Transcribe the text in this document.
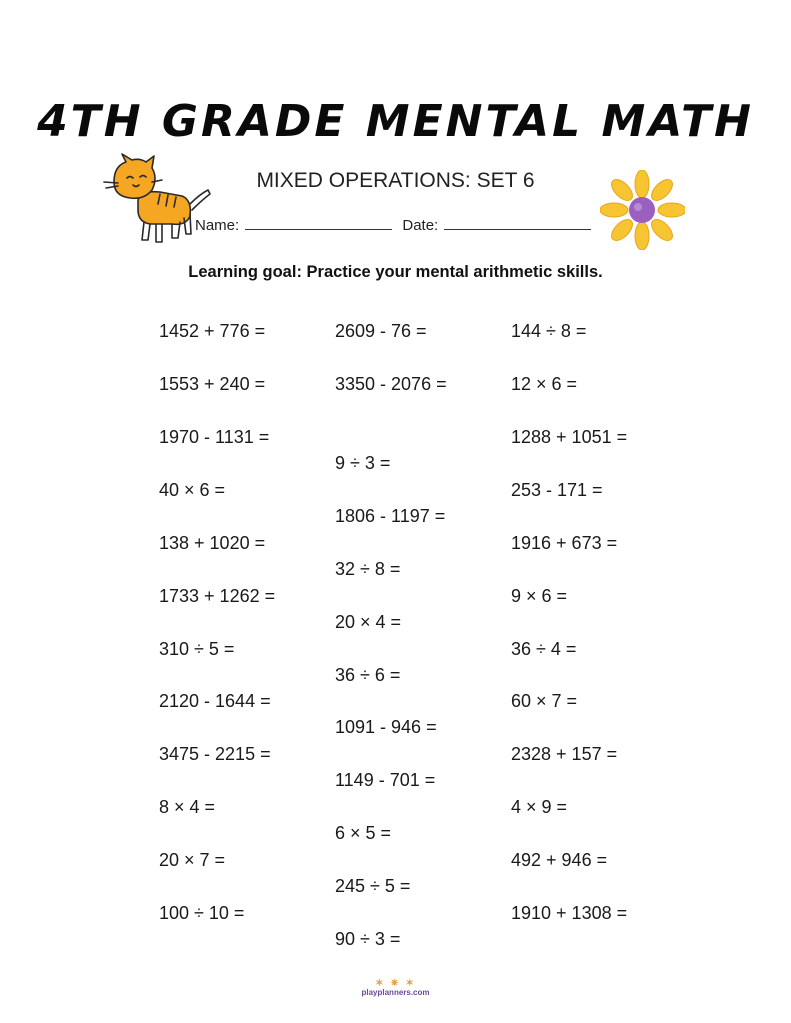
4TH GRADE MENTAL MATH
MIXED OPERATIONS: SET 6
Name:	Date:
Learning goal: Practice your mental arithmetic skills.
1452 + 776 =
1553 + 240 =
1970 - 1131 =
40 × 6 =
138 + 1020 =
1733 + 1262 =
310 ÷ 5 =
2120 - 1644 =
3475 - 2215 =
8 × 4 =
20 × 7 =
100 ÷ 10 =
2609 - 76 =
3350 - 2076 =
9 ÷ 3 =
1806 - 1197 =
32 ÷ 8 =
20 × 4 =
36 ÷ 6 =
1091 - 946 =
1149 - 701 =
6 × 5 =
245 ÷ 5 =
90 ÷ 3 =
144 ÷ 8 =
12 × 6 =
1288 + 1051 =
253 - 171 =
1916 + 673 =
9 × 6 =
36 ÷ 4 =
60 × 7 =
2328 + 157 =
4 × 9 =
492 + 946 =
1910 + 1308 =
✶ ✷ ✶
playplanners.com
